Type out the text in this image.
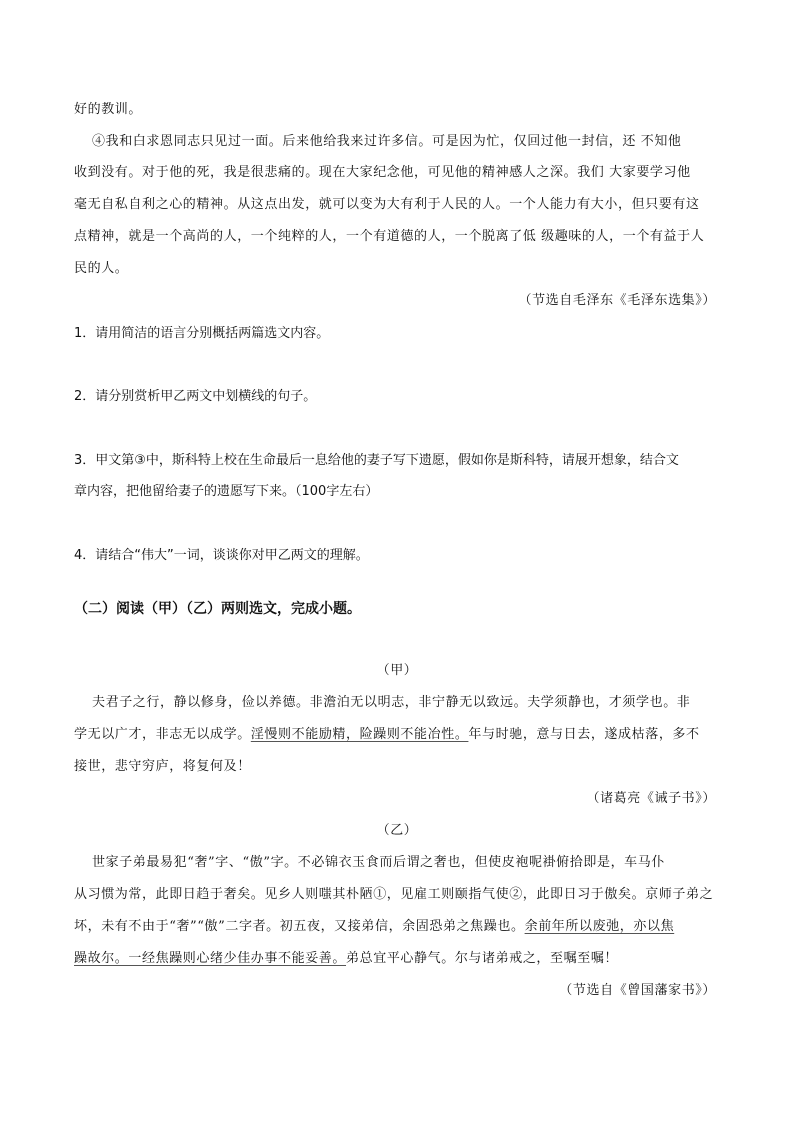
好的教训。
④我和白求恩同志只见过一面。后来他给我来过许多信。可是因为忙，仅回过他一封信，还 不知他
收到没有。对于他的死，我是很悲痛的。现在大家纪念他，可见他的精神感人之深。我们 大家要学习他
毫无自私自利之心的精神。从这点出发，就可以变为大有利于人民的人。一个人能力有大小，但只要有这
点精神，就是一个高尚的人，一个纯粹的人，一个有道德的人，一个脱离了低 级趣味的人，一个有益于人
民的人。
（节选自毛泽东《毛泽东选集》）
1．请用简洁的语言分别概括两篇选文内容。
2．请分别赏析甲乙两文中划横线的句子。
3．甲文第③中，斯科特上校在生命最后一息给他的妻子写下遗愿，假如你是斯科特，请展开想象，结合文
章内容，把他留给妻子的遗愿写下来。（100字左右）
4．请结合“伟大”一词，谈谈你对甲乙两文的理解。
（二）阅读（甲）（乙）两则选文，完成小题。
（甲）
夫君子之行，静以修身，俭以养德。非澹泊无以明志，非宁静无以致远。夫学须静也，才须学也。非
学无以广才，非志无以成学。淫慢则不能励精，险躁则不能冶性。年与时驰，意与日去，遂成枯落，多不
接世，悲守穷庐，将复何及！
（诸葛亮《诫子书》）
（乙）
世家子弟最易犯“奢”字、“傲”字。不必锦衣玉食而后谓之奢也，但使皮袍呢褂俯拾即是，车马仆
从习惯为常，此即日趋于奢矣。见乡人则嗤其朴陋①，见雇工则颐指气使②，此即日习于傲矣。京师子弟之
坏，未有不由于“奢”“傲”二字者。初五夜，又接弟信，余固恐弟之焦躁也。余前年所以废弛，亦以焦
躁故尔。一经焦躁则心绪少佳办事不能妥善。弟总宜平心静气。尔与诸弟戒之，至嘱至嘱！
（节选自《曾国藩家书》）
